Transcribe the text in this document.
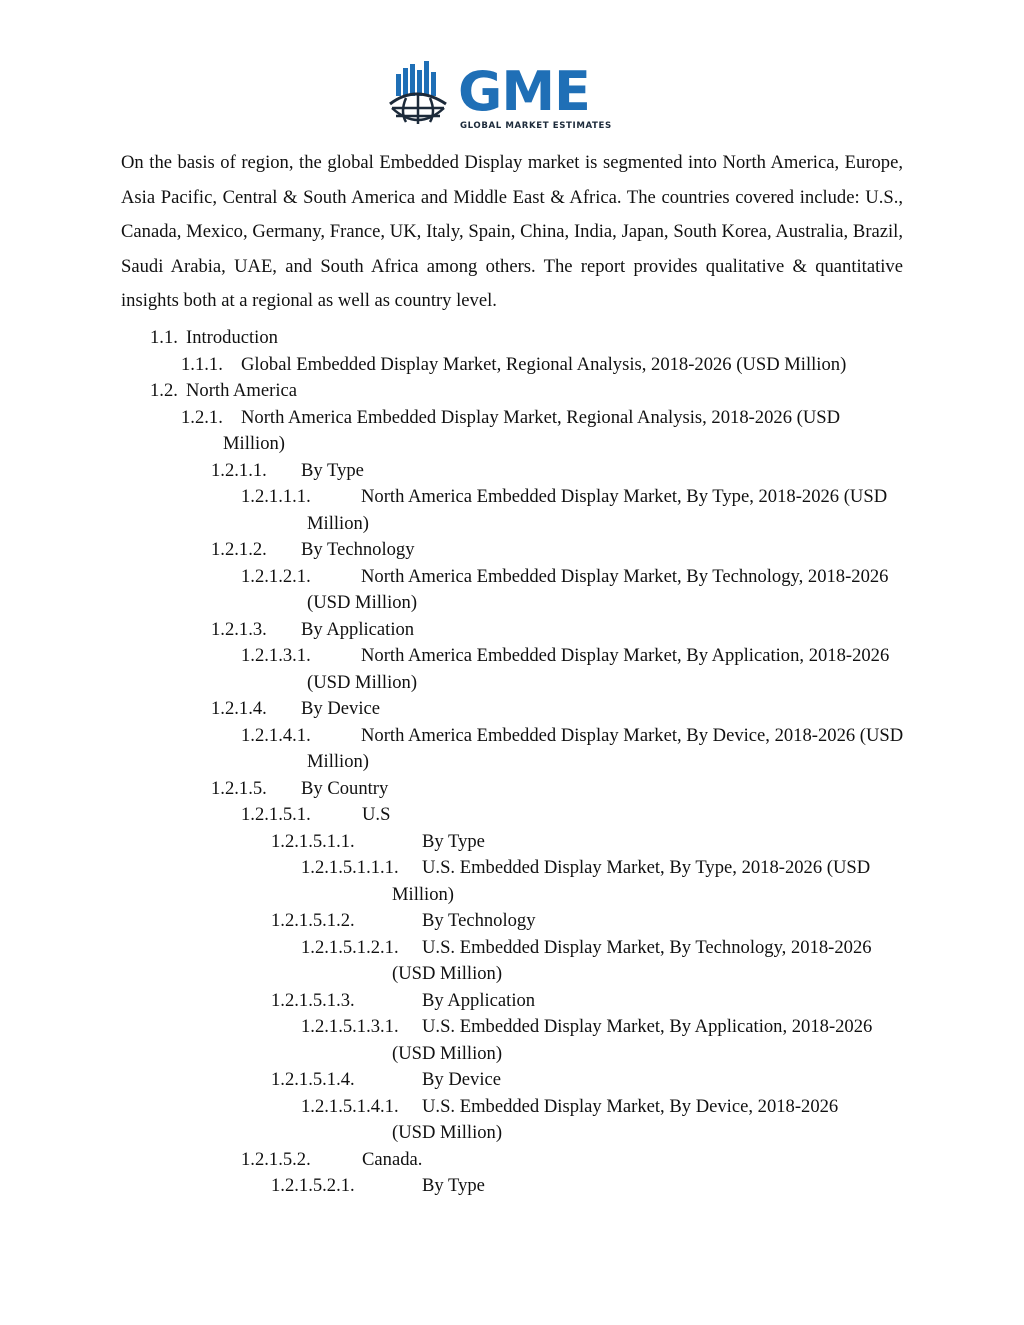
GME
GLOBAL MARKET ESTIMATES
On the basis of region, the global Embedded Display market is segmented into North America, Europe, Asia Pacific, Central & South America and Middle East & Africa. The countries covered include: U.S., Canada, Mexico, Germany, France, UK, Italy, Spain, China, India, Japan, South Korea, Australia, Brazil, Saudi Arabia, UAE, and South Africa among others. The report provides qualitative & quantitative insights both at a regional as well as country level.
1.1. Introduction
1.1.1. Global Embedded Display Market, Regional Analysis, 2018-2026 (USD Million)
1.2. North America
1.2.1. North America Embedded Display Market, Regional Analysis, 2018-2026 (USD Million)
1.2.1.1. By Type
1.2.1.1.1.	North America Embedded Display Market, By Type, 2018-2026 (USD Million)
1.2.1.2. By Technology
1.2.1.2.1.	North America Embedded Display Market, By Technology, 2018-2026 (USD Million)
1.2.1.3. By Application
1.2.1.3.1.	North America Embedded Display Market, By Application, 2018-2026 (USD Million)
1.2.1.4. By Device
1.2.1.4.1.	North America Embedded Display Market, By Device, 2018-2026 (USD Million)
1.2.1.5. By Country
1.2.1.5.1.	U.S
1.2.1.5.1.1.	By Type
1.2.1.5.1.1.1.	U.S. Embedded Display Market, By Type, 2018-2026 (USD Million)
1.2.1.5.1.2.	By Technology
1.2.1.5.1.2.1.	U.S. Embedded Display Market, By Technology, 2018-2026 (USD Million)
1.2.1.5.1.3.	By Application
1.2.1.5.1.3.1.	U.S. Embedded Display Market, By Application, 2018-2026 (USD Million)
1.2.1.5.1.4.	By Device
1.2.1.5.1.4.1.	U.S. Embedded Display Market, By Device, 2018-2026 (USD Million)
1.2.1.5.2.	Canada.
1.2.1.5.2.1.	By Type
